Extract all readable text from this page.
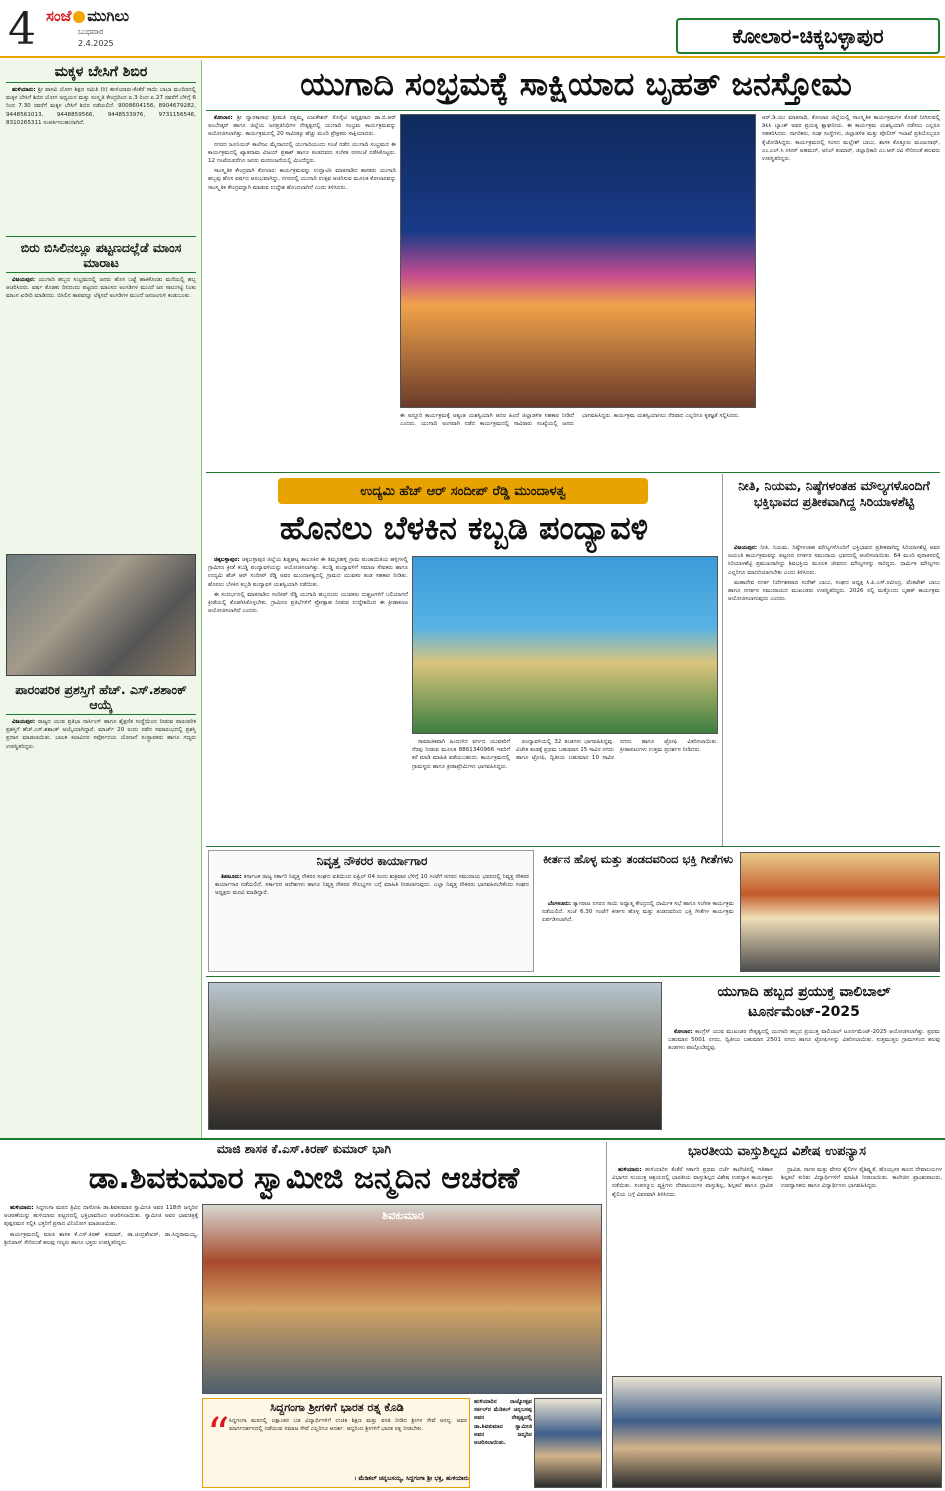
4 ಸಂಜೆ ಮುಗಿಲು
ಬುಧವಾರ
2.4.2025	ಕೋಲಾರ-ಚಿಕ್ಕಬಳ್ಳಾಪುರ
ಮಕ್ಕಳ ಬೇಸಿಗೆ ಶಿಬಿರ

ಹುಳಿಯಾರು: ಶ್ರೀ ವಾಸವಿ ಯೋಗ ಶಿಕ್ಷಣ ಸಮಿತಿ (ರಿ) ಹುಳಿಯಾರು-ಕೆಂಕೆರೆ ಸಾಯಿ ಬಾಬಾ ಮಂದಿರದಲ್ಲಿ ಮಕ್ಕಳ ಬೇಸಿಗೆ ಶಿಬಿರ ಯೋಗ ಅಧ್ಯಯನ ಮತ್ತು ಸಂಸ್ಕೃತಿ ಕೇಂದ್ರದಿಂದ ಏ.3 ರಿಂದ ಏ.27 ರವರೆಗೆ ಬೆಳಿಗ್ಗೆ 6 ರಿಂದ 7.30 ರವರೆಗೆ ಮಕ್ಕಳ ಬೇಸಿಗೆ ಶಿಬಿರ ನಡೆಯಲಿದೆ. 9008604156, 8904679282, 9448561013, 9448859566, 9448533976, 9731156546, 8310265311 ಸಂಪರ್ಕಿಸಬಹುದಾಗಿದೆ.

ಬಿರು ಬಿಸಿಲಿನಲ್ಲೂ ಪಟ್ಟಣದಲ್ಲೆಡೆ ಮಾಂಸ ಮಾರಾಟ

ವಿಜಯಪುರ: ಯುಗಾದಿ ಹಬ್ಬದ ಸಂಭ್ರಮದಲ್ಲಿ ಜನರು ಹೊಸ ಬಟ್ಟೆ ಹಾಕಿಕೊಂಡು ಮನೆಯಲ್ಲಿ ಹಬ್ಬ ಆಚರಿಸಿದರು. ವರ್ಷ ತೊಡಕು ದಿನದಂದು ಪಟ್ಟಣದ ಮಾಂಸದ ಅಂಗಡಿಗಳ ಮುಂದೆ ಜನ ಸಾಲುಗಟ್ಟಿ ನಿಂತು ಮಾಂಸ ಖರೀದಿ ಮಾಡಿದರು. ಬಿಸಿಲಿನ ತಾಪವನ್ನೂ ಲೆಕ್ಕಿಸದೆ ಅಂಗಡಿಗಳ ಮುಂದೆ ಜನಜಂಗುಳಿ ಕಂಡುಬಂತು.

ಪಾರಂಪರಿಕ ಪ್ರಶಸ್ತಿಗೆ ಹೆಚ್. ಎಸ್.ಶಶಾಂಕ್ ಆಯ್ಕೆ

ವಿಜಯಪುರ: ರಾಜ್ಯದ ಯುವ ಪ್ರತಿಭಾ ನಾರ್ಸಿಂಗ್ ಹಾಗೂ ಶೈಕ್ಷಣಿಕ ಸಂಸ್ಥೆಯಿಂದ ನೀಡುವ ಪಾರಂಪರಿಕ ಪ್ರಶಸ್ತಿಗೆ ಹೆಚ್.ಎಸ್.ಶಶಾಂಕ್ ಆಯ್ಕೆಯಾಗಿದ್ದಾರೆ. ಮಾರ್ಚ್ 20 ರಂದು ನಡೆದ ಸಮಾರಂಭದಲ್ಲಿ ಪ್ರಶಸ್ತಿ ಪ್ರದಾನ ಮಾಡಲಾಯಿತು. ಬಾಲಕ ಕಲಾವಿದರ ಸರ್ವೋದಯ ಯೋಜನೆ ಸಂಸ್ಥಾಪಕರು ಹಾಗೂ ಗಣ್ಯರು ಉಪಸ್ಥಿತರಿದ್ದರು.

ಯುಗಾದಿ ಸಂಭ್ರಮಕ್ಕೆ ಸಾಕ್ಷಿಯಾದ ಬೃಹತ್ ಜನಸ್ತೋಮ

ಕೋಲಾರ: ಶ್ರೀ ದ್ವಾರಕಾನಾಥ ಶ್ರೀಮತಿ ರತ್ನಮ್ಮ ಎಜುಕೇಶನ್ ಸೊಸೈಟಿ ಅಧ್ಯಕ್ಷರಾದ ಡಾ.ಬಿ.ಆರ್ ಅಂಬೇಡ್ಕರ್ ಹಾಗೂ ಜಿಲ್ಲೆಯ ಜನಪ್ರತಿನಿಧಿಗಳ ನೇತೃತ್ವದಲ್ಲಿ ಯುಗಾದಿ ಸಂಭ್ರಮ ಕಾರ್ಯಕ್ರಮವನ್ನು ಆಯೋಜಿಸಲಾಗಿತ್ತು. ಕಾರ್ಯಕ್ರಮದಲ್ಲಿ 20 ಸಾವಿರಕ್ಕೂ ಹೆಚ್ಚು ಮಂದಿ ಪ್ರೇಕ್ಷಕರು ಸಾಕ್ಷಿಯಾದರು.

ನಗರದ ಜೂನಿಯರ್ ಕಾಲೇಜು ಮೈದಾನದಲ್ಲಿ ಯುಗಾದಿಯಂದು ಸಂಜೆ ನಡೆದ ಯುಗಾದಿ ಸಂಭ್ರಮದ ಈ ಕಾರ್ಯಕ್ರಮದಲ್ಲಿ ಖ್ಯಾತನಾಮ ವಿಜಯ್ ಪ್ರಕಾಶ್ ಹಾಗೂ ತಂಡದವರು ಸಂಗೀತ ರಸಸಂಜೆ ನಡೆಸಿಕೊಟ್ಟರು. 12 ಗಂಟೆಯವರೆಗೂ ಜನರು ಮನರಂಜನೆಯಲ್ಲಿ ಮಿಂದೆದ್ದರು.

ಸಾಂಸ್ಕೃತಿಕ ಕೇಂದ್ರವಾಗಿ ಕೋಲಾರ: ಕಾರ್ಯಕ್ರಮವನ್ನು ಉದ್ಘಾಟಿಸಿ ಮಾತನಾಡಿದ ಶಾಸಕರು ಯುಗಾದಿ ಹಬ್ಬವು ಹೊಸ ವರ್ಷದ ಆರಂಭವಾಗಿದ್ದು, ನಗರದಲ್ಲಿ ಯುಗಾದಿ ಉತ್ಸವ ಆಚರಿಸುವ ಮೂಲಕ ಕೋಲಾರವನ್ನು ಸಾಂಸ್ಕೃತಿಕ ಕೇಂದ್ರವನ್ನಾಗಿ ಮಾಡುವ ಉದ್ದೇಶ ಹೊಂದಲಾಗಿದೆ ಎಂದು ತಿಳಿಸಿದರು.

ಈ ಅದ್ದೂರಿ ಕಾರ್ಯಕ್ರಮಕ್ಕೆ ಅತ್ಯಂತ ಯಶಸ್ವಿಯಾಗಿ ಆದರ ಹಿಂದೆ ಜಿಲ್ಲಾಡಳಿತ ಸಹಕಾರ ನೀಡಿದೆ ಎಂದರು. ಯುಗಾದಿ ಅಂಗವಾಗಿ ನಡೆದ ಕಾರ್ಯಕ್ರಮದಲ್ಲಿ ಸಾವಿರಾರು ಸಂಖ್ಯೆಯಲ್ಲಿ ಜನರು ಭಾಗವಹಿಸಿದ್ದರು. ಕಾರ್ಯಕ್ರಮ ಯಶಸ್ವಿಯಾಗಲು ನೆರವಾದ ಎಲ್ಲರಿಗೂ ಕೃತಜ್ಞತೆ ಸಲ್ಲಿಸಿದರು.
ಆರ್.ಡಿ.ಯು ಮಾತನಾಡಿ, ಕೋಲಾರ ಜಿಲ್ಲೆಯಲ್ಲಿ ಸಾಂಸ್ಕೃತಿಕ ಕಾರ್ಯಕ್ರಮಗಳ ಕೊರತೆ ನೀಗಿಸುವಲ್ಲಿ ಡಿಸಿಸಿ ಬ್ಯಾಂಕ್ ಅವರ ಪ್ರಯತ್ನ ಶ್ಲಾಘನೀಯ. ಈ ಕಾರ್ಯಕ್ರಮ ಯಶಸ್ವಿಯಾಗಿ ನಡೆಸಲು ಎಲ್ಲರೂ ಸಹಕರಿಸಿದರು. ನಾಗರಿಕರು, ಸಂಘ ಸಂಸ್ಥೆಗಳು, ಜಿಲ್ಲಾಡಳಿತ ಮತ್ತು ಪೊಲೀಸ್ ಇಲಾಖೆ ಪ್ರತಿಯೊಬ್ಬರೂ ಕೈಜೋಡಿಸಿದ್ದರು. ಕಾರ್ಯಕ್ರಮದಲ್ಲಿ ಸಂಸದ ಮಲ್ಲೇಶ್ ಬಾಬು, ಶಾಸಕ ಕೊತ್ತೂರು ಮಂಜುನಾಥ್, ಎಂ.ಎಲ್.ಸಿ ನಸೀರ್ ಅಹಮದ್, ಅನಿಲ್ ಕುಮಾರ್, ಜಿಲ್ಲಾಧಿಕಾರಿ ಎಂ.ಆರ್.ರವಿ ಸೇರಿದಂತೆ ಹಲವರು ಉಪಸ್ಥಿತರಿದ್ದರು.
ಉದ್ಯಮಿ ಹೆಚ್ ಆರ್ ಸಂದೀಪ್ ರೆಡ್ಡಿ ಮುಂದಾಳತ್ವ
ಹೊನಲು ಬೆಳಕಿನ ಕಬ್ಬಡಿ ಪಂದ್ಯಾವಳಿ

ಚಿಕ್ಕಬಳ್ಳಾಪುರ: ಚಿಕ್ಕಬಳ್ಳಾಪುರ ಜಿಲ್ಲೆಯ ಶಿಡ್ಲಘಟ್ಟ ತಾಲೂಕಿನ ಈ ತಿಮ್ಮನಹಳ್ಳಿ ಗ್ರಾಮ ಪಂಚಾಯಿತಿಯ ಹಳ್ಳಿಗಳಲ್ಲಿ ಗ್ರಾಮೀಣ ಕ್ರೀಡೆ ಕಬಡ್ಡಿ ಪಂದ್ಯಾವಳಿಯನ್ನು ಆಯೋಜಿಸಲಾಗಿತ್ತು. ಕಬಡ್ಡಿ ಪಂದ್ಯಾವಳಿಗೆ ಸಮಾಜ ಸೇವಕರು ಹಾಗೂ ಉದ್ಯಮಿ ಹೆಚ್ ಆರ್ ಸಂದೀಪ್ ರೆಡ್ಡಿ ಅವರ ಮುಂದಾಳತ್ವದಲ್ಲಿ ಗ್ರಾಮದ ಯುವಕರ ತಂಡ ಸಹಕಾರ ನೀಡಿತು. ಹೊನಲು ಬೆಳಕಿನ ಕಬ್ಬಡಿ ಪಂದ್ಯಾವಳಿ ಯಶಸ್ವಿಯಾಗಿ ನಡೆಯಿತು.

ಈ ಸಂದರ್ಭದಲ್ಲಿ ಮಾತನಾಡಿದ ಸಂದೀಪ್ ರೆಡ್ಡಿ ಯುಗಾದಿ ಹಬ್ಬದಂದು ಯುವಕರು ದುಶ್ಚಟಗಳಿಗೆ ಬಲಿಯಾಗದೆ ಕ್ರೀಡೆಯಲ್ಲಿ ತೊಡಗಿಸಿಕೊಳ್ಳಬೇಕು. ಗ್ರಾಮೀಣ ಪ್ರತಿಭೆಗಳಿಗೆ ಪ್ರೋತ್ಸಾಹ ನೀಡುವ ಉದ್ದೇಶದಿಂದ ಈ ಕ್ರೀಡಾಕೂಟ ಆಯೋಜಿಸಲಾಗಿದೆ ಎಂದರು.

ಸಾಮಾಜಿಕವಾಗಿ ಹಿಂದುಳಿದ ವರ್ಗದ ಯುವಕರಿಗೆ ನೆರವು ನೀಡುವ ಮೂಲಕ 8861340966 ಇವರಿಗೆ ಕರೆ ಮಾಡಿ ಮಾಹಿತಿ ಪಡೆಯಬಹುದು. ಕಾರ್ಯಕ್ರಮದಲ್ಲಿ ಗ್ರಾಮಸ್ಥರು ಹಾಗೂ ಕ್ರೀಡಾಪ್ರೇಮಿಗಳು ಭಾಗವಹಿಸಿದ್ದರು.

ಪಂದ್ಯಾವಳಿಯಲ್ಲಿ 32 ತಂಡಗಳು ಭಾಗವಹಿಸಿದ್ದವು. ವಿಜೇತ ತಂಡಕ್ಕೆ ಪ್ರಥಮ ಬಹುಮಾನ 15 ಸಾವಿರ ನಗದು ಹಾಗೂ ಟ್ರೋಫಿ, ದ್ವಿತೀಯ ಬಹುಮಾನ 10 ಸಾವಿರ ನಗದು ಹಾಗೂ ಟ್ರೋಫಿ ವಿತರಿಸಲಾಯಿತು. ಕ್ರೀಡಾಪಟುಗಳು ಉತ್ತಮ ಪ್ರದರ್ಶನ ನೀಡಿದರು.

ನೀತಿ, ನಿಯಮ, ನಿಷ್ಠೆಗಳಂತಹ ಮೌಲ್ಯಗಳೊಂದಿಗೆ ಭಕ್ತಿಭಾವದ ಪ್ರತೀಕವಾಗಿದ್ದ ಸಿರಿಯಾಳಶೆಟ್ಟಿ

ವಿಜಯಪುರ: ನೀತಿ, ನಿಯಮ, ನಿಷ್ಠೆಗಳಂತಹ ಮೌಲ್ಯಗಳೊಂದಿಗೆ ಭಕ್ತಿಭಾವದ ಪ್ರತೀಕವಾಗಿದ್ದ ಸಿರಿಯಾಳಶೆಟ್ಟಿ ಅವರ ಜಯಂತಿ ಕಾರ್ಯಕ್ರಮವನ್ನು ಪಟ್ಟಣದ ನಗರ್ತರ ಸಮುದಾಯ ಭವನದಲ್ಲಿ ಆಚರಿಸಲಾಯಿತು. 64 ಮಂದಿ ಪುರಾತನರಲ್ಲಿ ಸಿರಿಯಾಳಶೆಟ್ಟಿ ಪ್ರಮುಖರಾಗಿದ್ದು ಶಿವಭಕ್ತಿಯ ಮೂಲಕ ಜೀವನದ ಮೌಲ್ಯಗಳನ್ನು ಸಾರಿದ್ದರು. ಧಾರ್ಮಿಕ ಮೌಲ್ಯಗಳು ಎಲ್ಲರಿಗೂ ಮಾದರಿಯಾಗಬೇಕು ಎಂದು ತಿಳಿಸಿದರು.

ಮಹಾದೇವ ನಗರ್ತ ನಿರ್ದೇಶಕರಾದ ಸುರೇಶ್ ಬಾಬು, ಸಂಘದ ಅಧ್ಯಕ್ಷ ಸಿ.ಪಿ.ಎಸ್.ರವೀಂದ್ರ, ವೆಂಕಟೇಶ್ ಬಾಬು ಹಾಗೂ ನಗರ್ತರ ಸಮುದಾಯದ ಮುಖಂಡರು ಉಪಸ್ಥಿತರಿದ್ದರು. 2026 ರಲ್ಲಿ ಮತ್ತೊಂದು ಬೃಹತ್ ಕಾರ್ಯಕ್ರಮ ಆಯೋಜಿಸಲಾಗುವುದು ಎಂದರು.

ನಿವೃತ್ತ ನೌಕರರ ಕಾರ್ಯಾಗಾರ

ತಿಪಟೂರು: ಕರ್ನಾಟಕ ರಾಜ್ಯ ಸರ್ಕಾರಿ ನಿವೃತ್ತ ನೌಕರರ ಸಂಘದ ವತಿಯಿಂದ ಏಪ್ರಿಲ್ 04 ರಂದು ಶುಕ್ರವಾರ ಬೆಳಿಗ್ಗೆ 10 ಗಂಟೆಗೆ ನಗರದ ಸಮುದಾಯ ಭವನದಲ್ಲಿ ನಿವೃತ್ತ ನೌಕರರ ಕಾರ್ಯಾಗಾರ ನಡೆಯಲಿದೆ. ಸರ್ಕಾರದ ಆದೇಶಗಳು ಹಾಗೂ ನಿವೃತ್ತ ನೌಕರರ ಸೌಲಭ್ಯಗಳ ಬಗ್ಗೆ ಮಾಹಿತಿ ನೀಡಲಾಗುವುದು. ಎಲ್ಲಾ ನಿವೃತ್ತ ನೌಕರರು ಭಾಗವಹಿಸಬೇಕೆಂದು ಸಂಘದ ಅಧ್ಯಕ್ಷರು ಮನವಿ ಮಾಡಿದ್ದಾರೆ.

ಕೀರ್ತನ ಹೊಳ್ಳ ಮತ್ತು ತಂಡದವರಿಂದ ಭಕ್ತಿ ಗೀತೆಗಳು

ಬೆಂಗಳೂರು: ತ್ಯಾಗರಾಜ ನಗರದ ಸಾಯಿ ಅಧ್ಯಾತ್ಮ ಕೇಂದ್ರದಲ್ಲಿ ಧಾರ್ಮಿಕ ಸಭೆ ಹಾಗೂ ಸಂಗೀತ ಕಾರ್ಯಕ್ರಮ ನಡೆಯಲಿದೆ. ಸಂಜೆ 6.30 ಗಂಟೆಗೆ ಕೀರ್ತನ ಹೊಳ್ಳ ಮತ್ತು ತಂಡದವರಿಂದ ಭಕ್ತಿ ಗೀತೆಗಳ ಕಾರ್ಯಕ್ರಮ ಏರ್ಪಡಿಸಲಾಗಿದೆ.

ಯುಗಾದಿ ಹಬ್ಬದ ಪ್ರಯುಕ್ತ ವಾಲಿಬಾಲ್ ಟೂರ್ನಮೆಂಟ್-2025

ಕೋಲಾರ: ಕಾಂಗ್ರೆಸ್ ಯುವ ಮುಖಂಡರ ನೇತೃತ್ವದಲ್ಲಿ ಯುಗಾದಿ ಹಬ್ಬದ ಪ್ರಯುಕ್ತ ವಾಲಿಬಾಲ್ ಟೂರ್ನಮೆಂಟ್-2025 ಆಯೋಜಿಸಲಾಗಿತ್ತು. ಪ್ರಥಮ ಬಹುಮಾನ 5001 ನಗದು, ದ್ವಿತೀಯ ಬಹುಮಾನ 2501 ನಗದು ಹಾಗೂ ಟ್ರೋಫಿಗಳನ್ನು ವಿತರಿಸಲಾಯಿತು. ಸುತ್ತಮುತ್ತಲ ಗ್ರಾಮಗಳಿಂದ ಹಲವು ತಂಡಗಳು ಪಾಲ್ಗೊಂಡಿದ್ದವು.

ಮಾಜಿ ಶಾಸಕ ಕೆ.ಎಸ್.ಕಿರಣ್ ಕುಮಾರ್ ಭಾಗಿ
ಡಾ.ಶಿವಕುಮಾರ ಸ್ವಾಮೀಜಿ ಜನ್ಮದಿನ ಆಚರಣೆ

ಹುಳಿಯಾರು: ಸಿದ್ದಗಂಗಾ ಮಠದ ತ್ರಿವಿಧ ದಾಸೋಹಿ ಡಾ.ಶಿವಕುಮಾರ ಸ್ವಾಮೀಜಿ ಅವರ 118ನೇ ಜನ್ಮದಿನ ಆಚರಣೆಯನ್ನು ಹುಳಿಯಾರು ಪಟ್ಟಣದಲ್ಲಿ ಭಕ್ತಿಭಾವದಿಂದ ಆಚರಿಸಲಾಯಿತು. ಸ್ವಾಮೀಜಿ ಅವರ ಭಾವಚಿತ್ರಕ್ಕೆ ಪುಷ್ಪನಮನ ಸಲ್ಲಿಸಿ ಭಕ್ತರಿಗೆ ಪ್ರಸಾದ ವಿನಿಯೋಗ ಮಾಡಲಾಯಿತು.

ಕಾರ್ಯಕ್ರಮದಲ್ಲಿ ಮಾಜಿ ಶಾಸಕ ಕೆ.ಎಸ್.ಕಿರಣ್ ಕುಮಾರ್, ಡಾ.ಚಂದ್ರಶೇಖರ್, ಡಾ.ಸಿದ್ದರಾಮಯ್ಯ, ಶ್ರೀನಿವಾಸ್ ಸೇರಿದಂತೆ ಹಲವು ಗಣ್ಯರು ಹಾಗೂ ಭಕ್ತರು ಉಪಸ್ಥಿತರಿದ್ದರು.

ಶಿವಕುಮಾರ
ಸಿದ್ದಗಂಗಾ ಶ್ರೀಗಳಿಗೆ ಭಾರತ ರತ್ನ ಕೊಡಿ
“ ಸಿದ್ದಗಂಗಾ ಮಠದಲ್ಲಿ ಲಕ್ಷಾಂತರ ಬಡ ವಿದ್ಯಾರ್ಥಿಗಳಿಗೆ ಉಚಿತ ಶಿಕ್ಷಣ ಮತ್ತು ವಸತಿ ನೀಡಿದ ಶ್ರೀಗಳ ಸೇವೆ ಅನನ್ಯ. ಅವರ ಮಾರ್ಗದರ್ಶನದಲ್ಲಿ ನಡೆಯುವ ಸಮಾಜ ಸೇವೆ ಎಲ್ಲರಿಗೂ ಆದರ್ಶ. ಆದ್ದರಿಂದ ಶ್ರೀಗಳಿಗೆ ಭಾರತ ರತ್ನ ನೀಡಬೇಕು.
। ಮೆಡಿಕಲ್ ಚನ್ನಬಸಯ್ಯ, ಸಿದ್ದಗಂಗಾ ಶ್ರೀ ಭಕ್ತ, ಹುಳಿಯಾರು
ಹುಳಿಯಾರಿನ ರಾಜ್ಯೋತ್ಸವ ಸರ್ಕಲ್‌ನ ಮೆಡಿಕಲ್ ಚನ್ನಬಸಪ್ಪ ಅವರ ನೇತೃತ್ವದಲ್ಲಿ ಡಾ.ಶಿವಕುಮಾರ ಸ್ವಾಮೀಜಿ ಅವರ ಜನ್ಮದಿನ ಆಚರಿಸಲಾಯಿತು.
ಭಾರತೀಯ ವಾಸ್ತುಶಿಲ್ಪದ ವಿಶೇಷ ಉಪನ್ಯಾಸ

ಹುಳಿಯಾರು: ಹುಳಿಯಾರಿನ ಕೆಂಕೆರೆ ಸರ್ಕಾರಿ ಪ್ರಥಮ ದರ್ಜೆ ಕಾಲೇಜಿನಲ್ಲಿ ಇತಿಹಾಸ ವಿಭಾಗದ ಸಂಯುಕ್ತ ಆಶ್ರಯದಲ್ಲಿ ಭಾರತೀಯ ವಾಸ್ತುಶಿಲ್ಪದ ವಿಶೇಷ ಉಪನ್ಯಾಸ ಕಾರ್ಯಕ್ರಮ ನಡೆಯಿತು. ಸಂಪನ್ಮೂಲ ವ್ಯಕ್ತಿಗಳು ದೇವಾಲಯಗಳ ವಾಸ್ತುಶಿಲ್ಪ, ಶಿಲ್ಪಕಲೆ ಹಾಗೂ ದ್ರಾವಿಡ ಶೈಲಿಯ ಬಗ್ಗೆ ವಿವರವಾಗಿ ತಿಳಿಸಿದರು.

ದ್ರಾವಿಡ, ನಾಗರ ಮತ್ತು ವೇಸರ ಶೈಲಿಗಳ ವೈಶಿಷ್ಟ್ಯತೆ, ಹೊಯ್ಸಳರ ಕಾಲದ ದೇವಾಲಯಗಳ ಶಿಲ್ಪಕಲೆ ಕುರಿತು ವಿದ್ಯಾರ್ಥಿಗಳಿಗೆ ಮಾಹಿತಿ ನೀಡಲಾಯಿತು. ಕಾಲೇಜಿನ ಪ್ರಾಂಶುಪಾಲರು, ಉಪನ್ಯಾಸಕರು ಹಾಗೂ ವಿದ್ಯಾರ್ಥಿಗಳು ಭಾಗವಹಿಸಿದ್ದರು.
